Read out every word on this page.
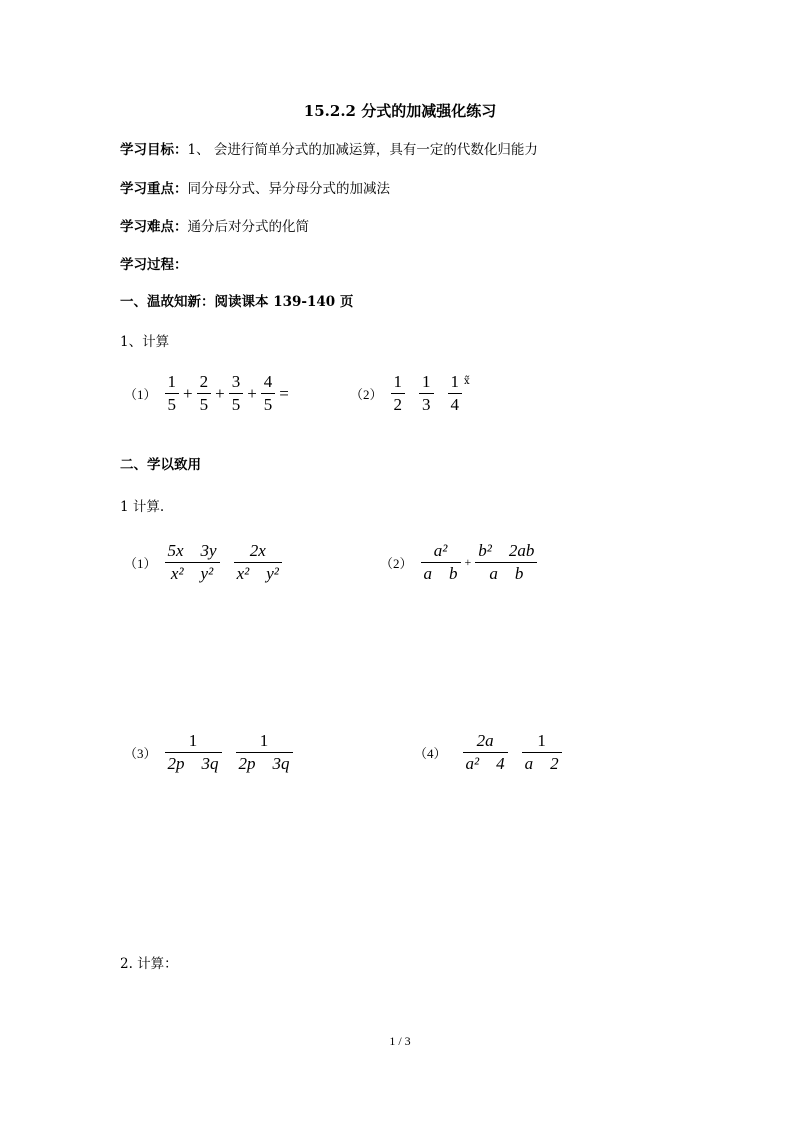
15.2.2 分式的加减强化练习
学习目标：1、 会进行简单分式的加减运算，具有一定的代数化归能力
学习重点：同分母分式、异分母分式的加减法
学习难点：通分后对分式的化简
学习过程：
一、温故知新：阅读课本 139-140 页
1、计算
$(1) \frac{1}{5} + \frac{2}{5} + \frac{3}{5} + \frac{4}{5}$ =	$(2) \frac{1}{2} \frac{1}{3} \frac{1}{4}$ ⅹ᷉
二、学以致用
1 计算.
$(1) \frac{5x 3y}{\text{x²    y²}} \frac{2x}{\text{x²    y²}}$	$(2) \frac{\text{a²}}{\text{a    b}} + \frac{\text{b²    2ab}}{\text{a    b}}$
$(3) \frac{1}{2p 3q} \frac{1}{2p 3q}$	$(4) \frac{2a}{\text{a²    4}} \frac{1}{a 2}$
2. 计算：
1 / 3
